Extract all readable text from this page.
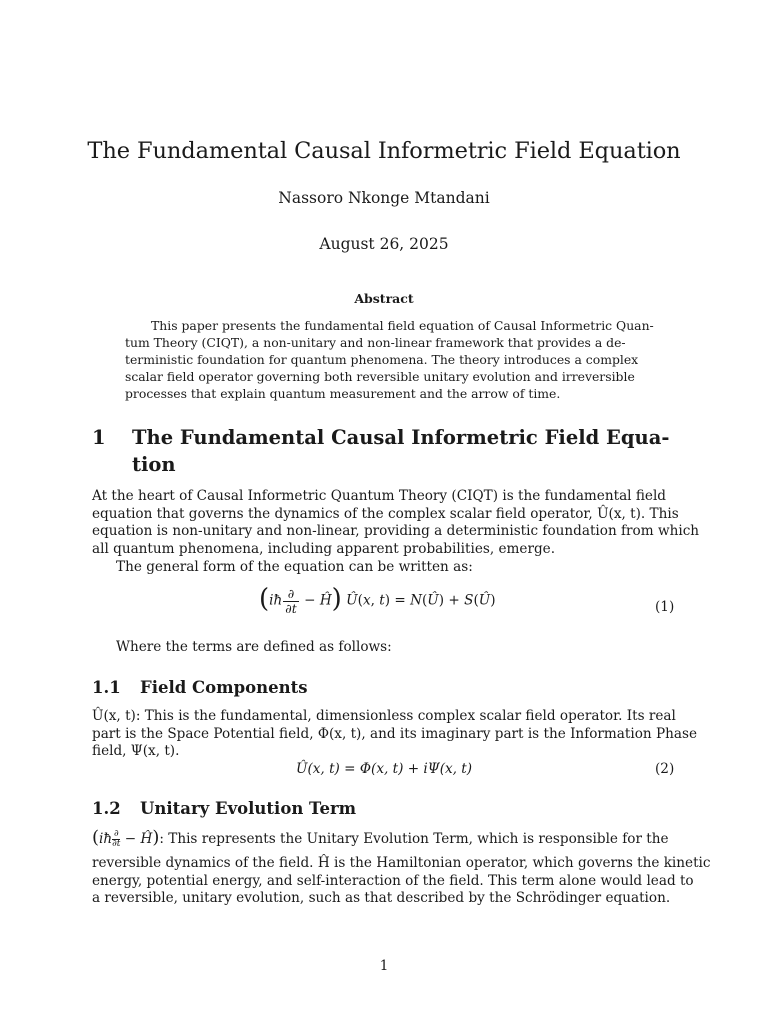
The Fundamental Causal Informetric Field Equation
Nassoro Nkonge Mtandani
August 26, 2025
Abstract
This paper presents the fundamental field equation of Causal Informetric Quan-
tum Theory (CIQT), a non-unitary and non-linear framework that provides a de-
terministic foundation for quantum phenomena. The theory introduces a complex
scalar field operator governing both reversible unitary evolution and irreversible
processes that explain quantum measurement and the arrow of time.
1 The Fundamental Causal Informetric Field Equa-
tion
At the heart of Causal Informetric Quantum Theory (CIQT) is the fundamental field
equation that governs the dynamics of the complex scalar field operator, Û(x, t). This
equation is non-unitary and non-linear, providing a deterministic foundation from which
all quantum phenomena, including apparent probabilities, emerge.
The general form of the equation can be written as:
(iħ $\frac{\partial}{\partial t}$ − Ĥ) Û(x, t) = N(Û) + S(Û)	(1)
Where the terms are defined as follows:
1.1 Field Components
Û(x, t): This is the fundamental, dimensionless complex scalar field operator. Its real
part is the Space Potential field, Φ(x, t), and its imaginary part is the Information Phase
field, Ψ(x, t).
Û(x, t) = Φ(x, t) + iΨ(x, t)	(2)
1.2 Unitary Evolution Term
(iħ ∂
∂t − Ĥ): This represents the Unitary Evolution Term, which is responsible for the
reversible dynamics of the field. Ĥ is the Hamiltonian operator, which governs the kinetic
energy, potential energy, and self-interaction of the field. This term alone would lead to
a reversible, unitary evolution, such as that described by the Schrödinger equation.
1
